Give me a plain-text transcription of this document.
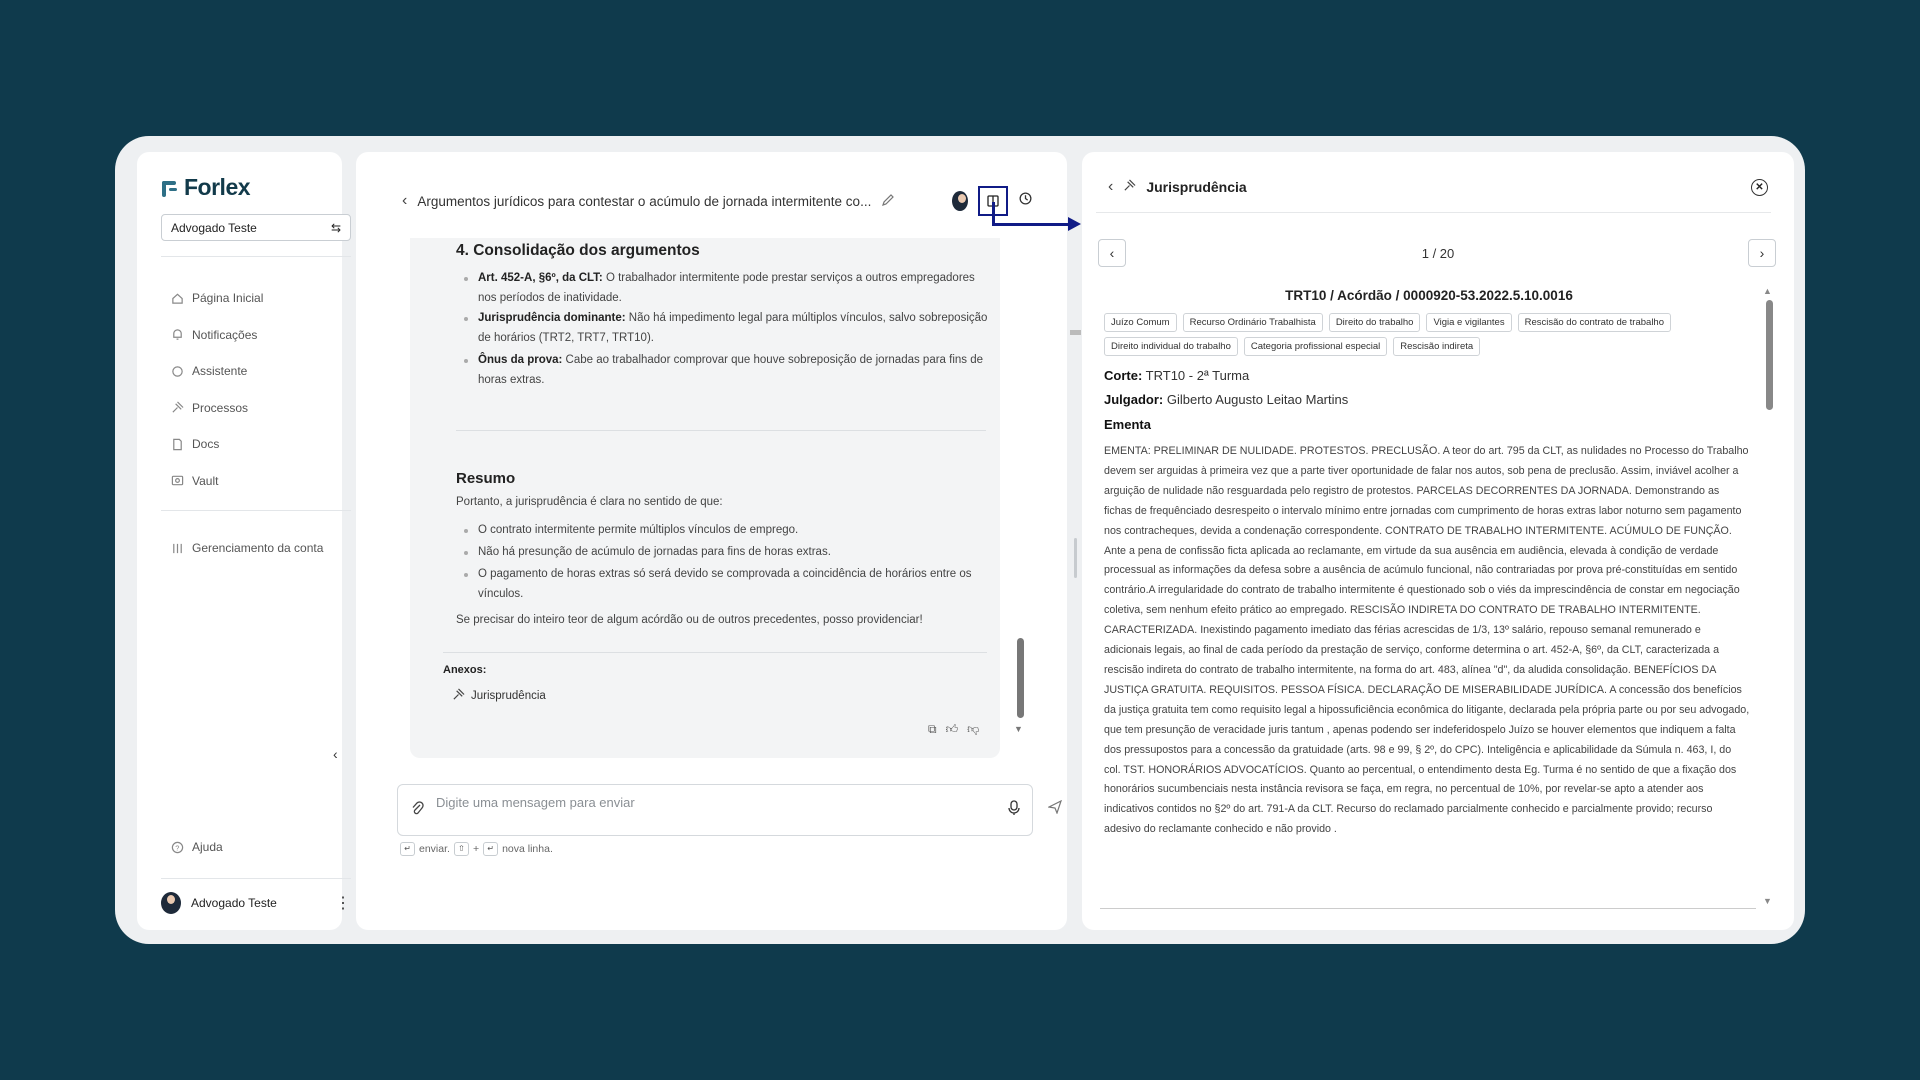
Forlex
Advogado Teste	⇆
Página Inicial
Notificações
Assistente
Processos
Docs
Vault
Gerenciamento da conta
? Ajuda
Advogado Teste	⋮
‹
‹ Argumentos jurídicos para contestar o acúmulo de jornada intermitente co...
4. Consolidação dos argumentos
Art. 452-A, §6º, da CLT: O trabalhador intermitente pode prestar serviços a outros empregadores nos períodos de inatividade.
Jurisprudência dominante: Não há impedimento legal para múltiplos vínculos, salvo sobreposição de horários (TRT2, TRT7, TRT10).
Ônus da prova: Cabe ao trabalhador comprovar que houve sobreposição de jornadas para fins de horas extras.
Resumo
Portanto, a jurisprudência é clara no sentido de que:
O contrato intermitente permite múltiplos vínculos de emprego.
Não há presunção de acúmulo de jornadas para fins de horas extras.
O pagamento de horas extras só será devido se comprovada a coincidência de horários entre os vínculos.
Se precisar do inteiro teor de algum acórdão ou de outros precedentes, posso providenciar!
Anexos:
Jurisprudência
⧉ 👍︎ 👎︎	▼
Digite uma mensagem para enviar
↵ enviar.	⇧ +	↵ nova linha.
‹ Jurisprudência	✕
‹	1 / 20	›
TRT10 / Acórdão / 0000920-53.2022.5.10.0016
Juízo Comum	Recurso Ordinário Trabalhista	Direito do trabalho	Vigia e vigilantes	Rescisão do contrato de trabalho
Direito individual do trabalho	Categoria profissional especial	Rescisão indireta
Corte: TRT10 - 2ª Turma
Julgador: Gilberto Augusto Leitao Martins
Ementa
EMENTA: PRELIMINAR DE NULIDADE. PROTESTOS. PRECLUSÃO. A teor do art. 795 da CLT, as nulidades no Processo do Trabalho devem ser arguidas à primeira vez que a parte tiver oportunidade de falar nos autos, sob pena de preclusão. Assim, inviável acolher a arguição de nulidade não resguardada pelo registro de protestos. PARCELAS DECORRENTES DA JORNADA. Demonstrando as fichas de frequênciado desrespeito o intervalo mínimo entre jornadas com cumprimento de horas extras labor noturno sem pagamento nos contracheques, devida a condenação correspondente. CONTRATO DE TRABALHO INTERMITENTE. ACÚMULO DE FUNÇÃO. Ante a pena de confissão ficta aplicada ao reclamante, em virtude da sua ausência em audiência, elevada à condição de verdade processual as informações da defesa sobre a ausência de acúmulo funcional, não contrariadas por prova pré-constituídas em sentido contrário.A irregularidade do contrato de trabalho intermitente é questionado sob o viés da imprescindência de constar em negociação coletiva, sem nenhum efeito prático ao empregado. RESCISÃO INDIRETA DO CONTRATO DE TRABALHO INTERMITENTE. CARACTERIZADA. Inexistindo pagamento imediato das férias acrescidas de 1/3, 13º salário, repouso semanal remunerado e adicionais legais, ao final de cada período da prestação de serviço, conforme determina o art. 452-A, §6º, da CLT, caracterizada a rescisão indireta do contrato de trabalho intermitente, na forma do art. 483, alínea "d", da aludida consolidação. BENEFÍCIOS DA JUSTIÇA GRATUITA. REQUISITOS. PESSOA FÍSICA. DECLARAÇÃO DE MISERABILIDADE JURÍDICA. A concessão dos benefícios da justiça gratuita tem como requisito legal a hipossuficiência econômica do litigante, declarada pela própria parte ou por seu advogado, que tem presunção de veracidade juris tantum , apenas podendo ser indeferidospelo Juízo se houver elementos que indiquem a falta dos pressupostos para a concessão da gratuidade (arts. 98 e 99, § 2º, do CPC). Inteligência e aplicabilidade da Súmula n. 463, I, do col. TST. HONORÁRIOS ADVOCATÍCIOS. Quanto ao percentual, o entendimento desta Eg. Turma é no sentido de que a fixação dos honorários sucumbenciais nesta instância revisora se faça, em regra, no percentual de 10%, por revelar-se apto a atender aos indicativos contidos no §2º do art. 791-A da CLT. Recurso do reclamado parcialmente conhecido e parcialmente provido; recurso adesivo do reclamante conhecido e não provido .
▲
▼
